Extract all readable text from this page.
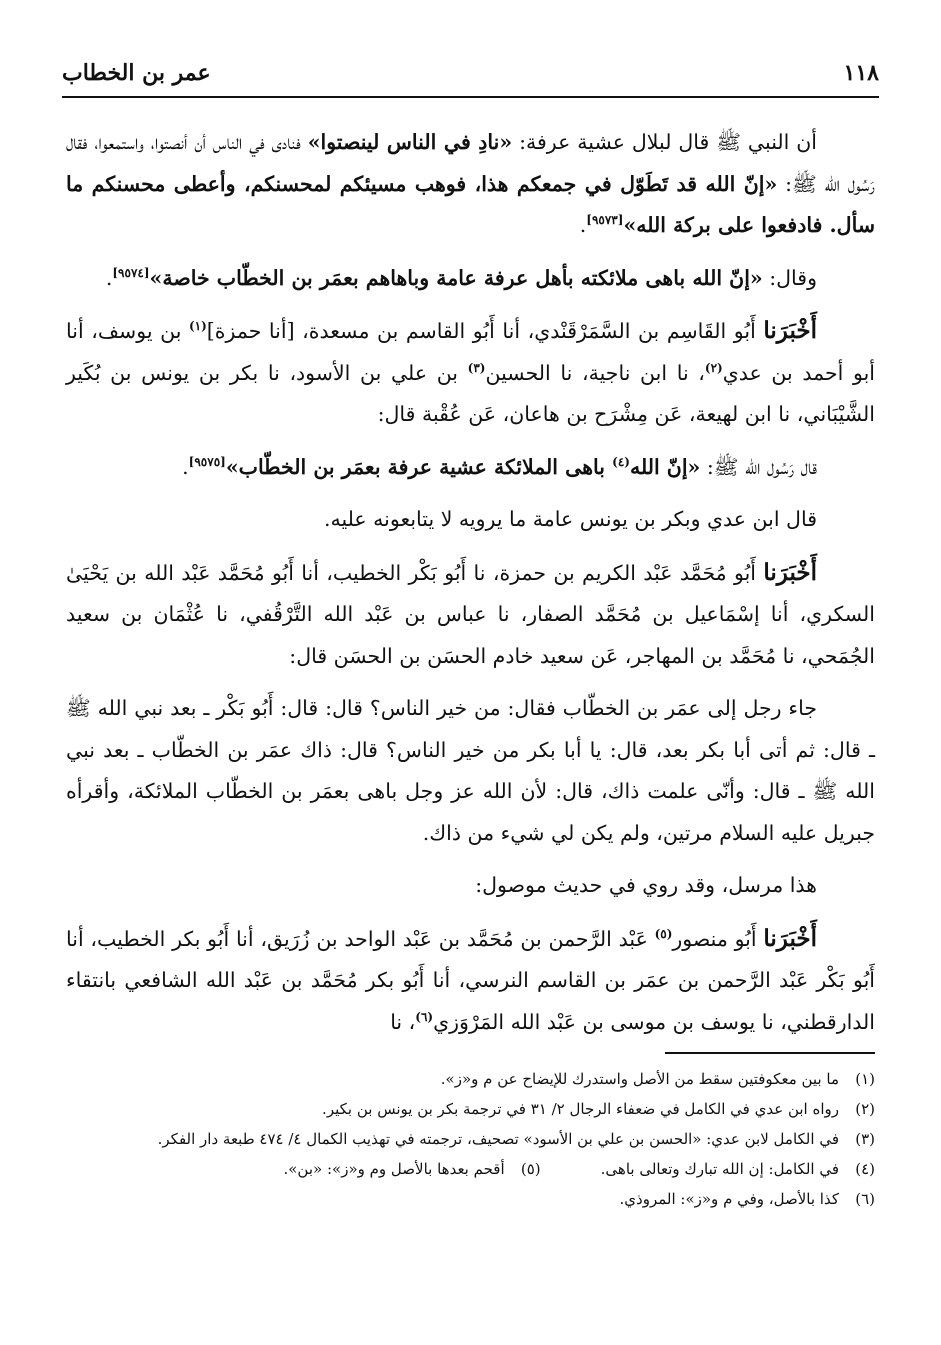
عمر بن الخطاب	١١٨

أن النبي ﷺ قال لبلال عشية عرفة: «نادِ في الناس لينصتوا» فنادى في الناس أن أنصتوا، واستمعوا، فقال رَسُول الله ﷺ: «إنّ الله قد تَطَوّل في جمعكم هذا، فوهب مسيئكم لمحسنكم، وأعطى محسنكم ما سأل. فادفعوا على بركة الله»[٩٥٧٣].

وقال: «إنّ الله باهى ملائكته بأهل عرفة عامة وباهاهم بعمَر بن الخطّاب خاصة»[٩٥٧٤].

أَخْبَرَنا أَبُو القَاسِم بن السَّمَرْقَنْدي، أنا أَبُو القاسم بن مسعدة، [أنا حمزة]$^{(١)}$ بن يوسف، أنا أبو أحمد بن عدي$^{(٢)}$، نا ابن ناجية، نا الحسين$^{(٣)}$ بن علي بن الأسود، نا بكر بن يونس بن بُكَير الشَّيْبَاني، نا ابن لهيعة، عَن مِشْرَح بن هاعان، عَن عُقْبة قال:

قال رَسُول الله ﷺ: «إنّ الله$^{(٤)}$ باهى الملائكة عشية عرفة بعمَر بن الخطّاب»[٩٥٧٥].

قال ابن عدي وبكر بن يونس عامة ما يرويه لا يتابعونه عليه.

أَخْبَرَنا أَبُو مُحَمَّد عَبْد الكريم بن حمزة، نا أَبُو بَكْر الخطيب، أنا أَبُو مُحَمَّد عَبْد الله بن يَحْيَىٰ السكري، أنا إسْمَاعيل بن مُحَمَّد الصفار، نا عباس بن عَبْد الله التَّرْقُفي، نا عُثْمَان بن سعيد الجُمَحي، نا مُحَمَّد بن المهاجر، عَن سعيد خادم الحسَن بن الحسَن قال:

جاء رجل إلى عمَر بن الخطّاب فقال: من خير الناس؟ قال: قال: أَبُو بَكْر ـ بعد نبي الله ﷺ ـ قال: ثم أتى أبا بكر بعد، قال: يا أبا بكر من خير الناس؟ قال: ذاك عمَر بن الخطّاب ـ بعد نبي الله ﷺ ـ قال: وأنّى علمت ذاك، قال: لأن الله عز وجل باهى بعمَر بن الخطّاب الملائكة، وأقرأه جبريل عليه السلام مرتين، ولم يكن لي شيء من ذاك.

هذا مرسل، وقد روي في حديث موصول:

أَخْبَرَنا أَبُو منصور$^{(٥)}$ عَبْد الرَّحمن بن مُحَمَّد بن عَبْد الواحد بن زُرَيق، أنا أَبُو بكر الخطيب، أنا أَبُو بَكْر عَبْد الرَّحمن بن عمَر بن القاسم النرسي، أنا أَبُو بكر مُحَمَّد بن عَبْد الله الشافعي بانتقاء الدارقطني، نا يوسف بن موسى بن عَبْد الله المَرْوَزي$^{(٦)}$، نا

(١)
ما بين معكوفتين سقط من الأصل واستدرك للإيضاح عن م و«ز».
(٢)
رواه ابن عدي في الكامل في ضعفاء الرجال ٢/ ٣١ في ترجمة بكر بن يونس بن بكير.
(٣)
في الكامل لابن عدي: «الحسن بن علي بن الأسود» تصحيف، ترجمته في تهذيب الكمال ٤/ ٤٧٤ طبعة دار الفكر.
(٤)
في الكامل: إن الله تبارك وتعالى باهى.
(٥)
أقحم بعدها بالأصل وم و«ز»: «بن».
(٦)
كذا بالأصل، وفي م و«ز»: المروذي.
